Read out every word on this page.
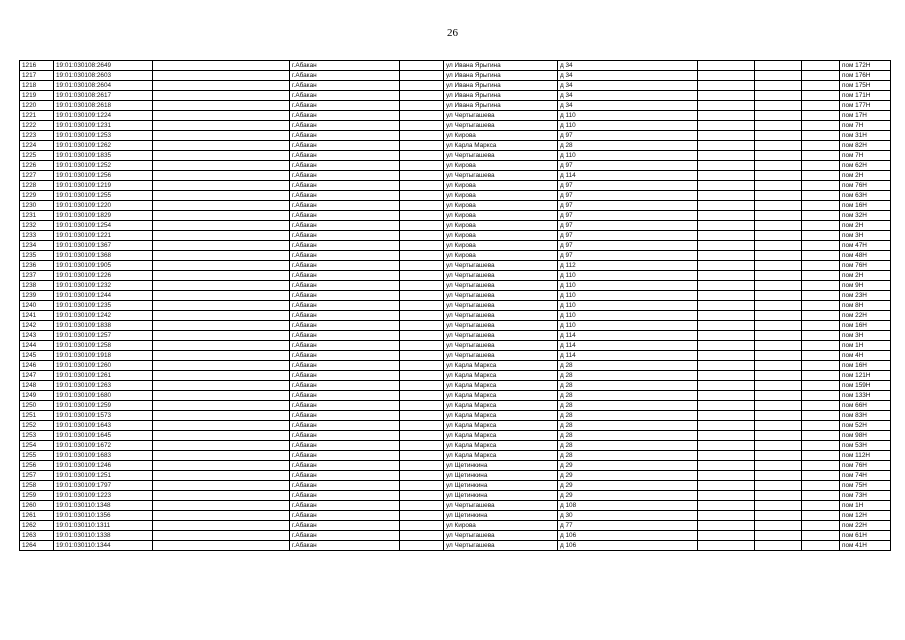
26
1216	19:01:030108:2649		г.Абакан		ул Ивана Ярыгина	д 34				пом 172Н
1217	19:01:030108:2603		г.Абакан		ул Ивана Ярыгина	д 34				пом 176Н
1218	19:01:030108:2604		г.Абакан		ул Ивана Ярыгина	д 34				пом 175Н
1219	19:01:030108:2617		г.Абакан		ул Ивана Ярыгина	д 34				пом 171Н
1220	19:01:030108:2618		г.Абакан		ул Ивана Ярыгина	д 34				пом 177Н
1221	19:01:030109:1224		г.Абакан		ул Чертыгашева	д 110				пом 17Н
1222	19:01:030109:1231		г.Абакан		ул Чертыгашева	д 110				пом 7Н
1223	19:01:030109:1253		г.Абакан		ул Кирова	д 97				пом 31Н
1224	19:01:030109:1262		г.Абакан		ул Карла Маркса	д 28				пом 82Н
1225	19:01:030109:1835		г.Абакан		ул Чертыгашева	д 110				пом 7Н
1226	19:01:030109:1252		г.Абакан		ул Кирова	д 97				пом 62Н
1227	19:01:030109:1256		г.Абакан		ул Чертыгашева	д 114				пом 2Н
1228	19:01:030109:1219		г.Абакан		ул Кирова	д 97				пом 76Н
1229	19:01:030109:1255		г.Абакан		ул Кирова	д 97				пом 63Н
1230	19:01:030109:1220		г.Абакан		ул Кирова	д 97				пом 16Н
1231	19:01:030109:1829		г.Абакан		ул Кирова	д 97				пом 32Н
1232	19:01:030109:1254		г.Абакан		ул Кирова	д 97				пом 2Н
1233	19:01:030109:1221		г.Абакан		ул Кирова	д 97				пом 3Н
1234	19:01:030109:1367		г.Абакан		ул Кирова	д 97				пом 47Н
1235	19:01:030109:1368		г.Абакан		ул Кирова	д 97				пом 48Н
1236	19:01:030109:1905		г.Абакан		ул Чертыгашева	д 112				пом 76Н
1237	19:01:030109:1226		г.Абакан		ул Чертыгашева	д 110				пом 2Н
1238	19:01:030109:1232		г.Абакан		ул Чертыгашева	д 110				пом 9Н
1239	19:01:030109:1244		г.Абакан		ул Чертыгашева	д 110				пом 23Н
1240	19:01:030109:1235		г.Абакан		ул Чертыгашева	д 110				пом 8Н
1241	19:01:030109:1242		г.Абакан		ул Чертыгашева	д 110				пом 22Н
1242	19:01:030109:1838		г.Абакан		ул Чертыгашева	д 110				пом 16Н
1243	19:01:030109:1257		г.Абакан		ул Чертыгашева	д 114				пом 3Н
1244	19:01:030109:1258		г.Абакан		ул Чертыгашева	д 114				пом 1Н
1245	19:01:030109:1918		г.Абакан		ул Чертыгашева	д 114				пом 4Н
1246	19:01:030109:1260		г.Абакан		ул Карла Маркса	д 28				пом 16Н
1247	19:01:030109:1261		г.Абакан		ул Карла Маркса	д 28				пом 121Н
1248	19:01:030109:1263		г.Абакан		ул Карла Маркса	д 28				пом 159Н
1249	19:01:030109:1680		г.Абакан		ул Карла Маркса	д 28				пом 133Н
1250	19:01:030109:1259		г.Абакан		ул Карла Маркса	д 28				пом 66Н
1251	19:01:030109:1573		г.Абакан		ул Карла Маркса	д 28				пом 83Н
1252	19:01:030109:1643		г.Абакан		ул Карла Маркса	д 28				пом 52Н
1253	19:01:030109:1645		г.Абакан		ул Карла Маркса	д 28				пом 98Н
1254	19:01:030109:1672		г.Абакан		ул Карла Маркса	д 28				пом 53Н
1255	19:01:030109:1683		г.Абакан		ул Карла Маркса	д 28				пом 112Н
1256	19:01:030109:1246		г.Абакан		ул Щетинкина	д 29				пом 76Н
1257	19:01:030109:1251		г.Абакан		ул Щетинкина	д 29				пом 74Н
1258	19:01:030109:1797		г.Абакан		ул Щетинкина	д 29				пом 75Н
1259	19:01:030109:1223		г.Абакан		ул Щетинкина	д 29				пом 73Н
1260	19:01:030110:1348		г.Абакан		ул Чертыгашева	д 108				пом 1Н
1261	19:01:030110:1356		г.Абакан		ул Щетинкина	д 30				пом 12Н
1262	19:01:030110:1311		г.Абакан		ул Кирова	д 77				пом 22Н
1263	19:01:030110:1338		г.Абакан		ул Чертыгашева	д 106				пом 61Н
1264	19:01:030110:1344		г.Абакан		ул Чертыгашева	д 106				пом 41Н
